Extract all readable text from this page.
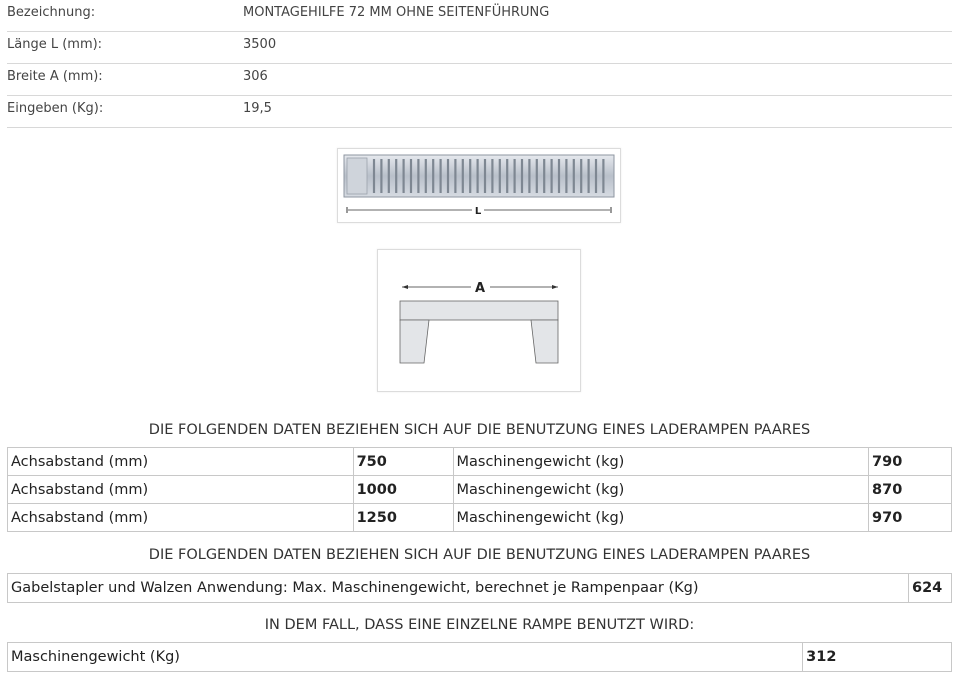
Bezeichnung:	MONTAGEHILFE 72 MM OHNE SEITENFÜHRUNG
Länge L (mm):	3500
Breite A (mm):	306
Eingeben (Kg):	19,5
L
A
DIE FOLGENDEN DATEN BEZIEHEN SICH AUF DIE BENUTZUNG EINES LADERAMPEN PAARES
Achsabstand (mm)	750	Maschinengewicht (kg)	790
Achsabstand (mm)	1000	Maschinengewicht (kg)	870
Achsabstand (mm)	1250	Maschinengewicht (kg)	970
DIE FOLGENDEN DATEN BEZIEHEN SICH AUF DIE BENUTZUNG EINES LADERAMPEN PAARES
Gabelstapler und Walzen Anwendung: Max. Maschinengewicht, berechnet je Rampenpaar (Kg)	624
IN DEM FALL, DASS EINE EINZELNE RAMPE BENUTZT WIRD:
Maschinengewicht (Kg)	312
